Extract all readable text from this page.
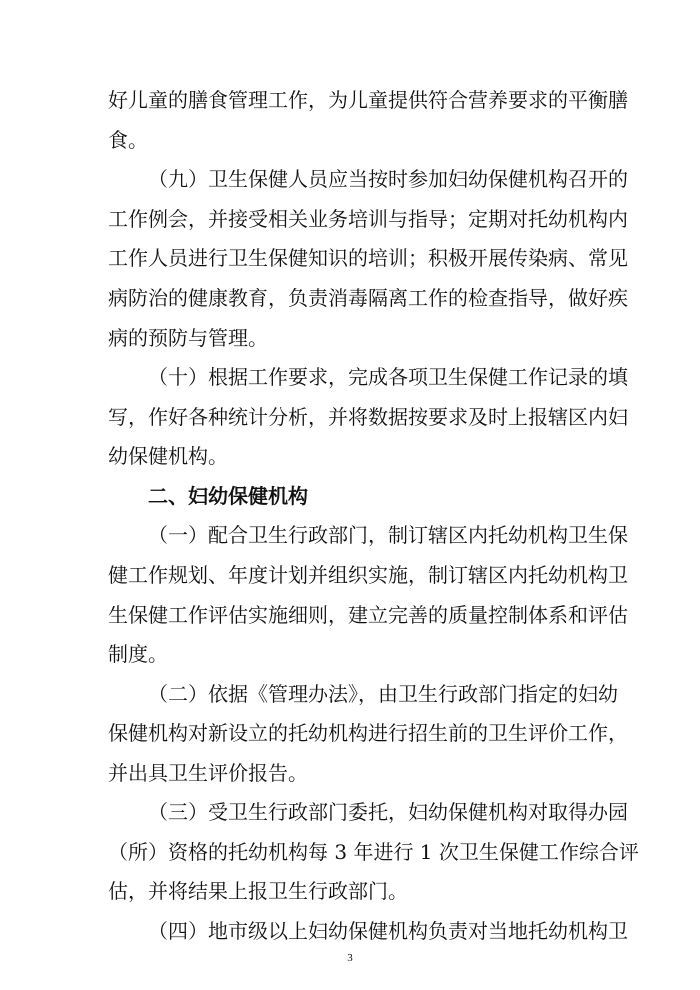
好儿童的膳食管理工作，为儿童提供符合营养要求的平衡膳
食。
（九）卫生保健人员应当按时参加妇幼保健机构召开的
工作例会，并接受相关业务培训与指导；定期对托幼机构内
工作人员进行卫生保健知识的培训；积极开展传染病、常见
病防治的健康教育，负责消毒隔离工作的检查指导，做好疾
病的预防与管理。
（十）根据工作要求，完成各项卫生保健工作记录的填
写，作好各种统计分析，并将数据按要求及时上报辖区内妇
幼保健机构。
二、妇幼保健机构
（一）配合卫生行政部门，制订辖区内托幼机构卫生保
健工作规划、年度计划并组织实施，制订辖区内托幼机构卫
生保健工作评估实施细则，建立完善的质量控制体系和评估
制度。
（二）依据《管理办法》，由卫生行政部门指定的妇幼
保健机构对新设立的托幼机构进行招生前的卫生评价工作，
并出具卫生评价报告。
（三）受卫生行政部门委托，妇幼保健机构对取得办园
（所）资格的托幼机构每 3 年进行 1 次卫生保健工作综合评
估，并将结果上报卫生行政部门。
3
（四）地市级以上妇幼保健机构负责对当地托幼机构卫
